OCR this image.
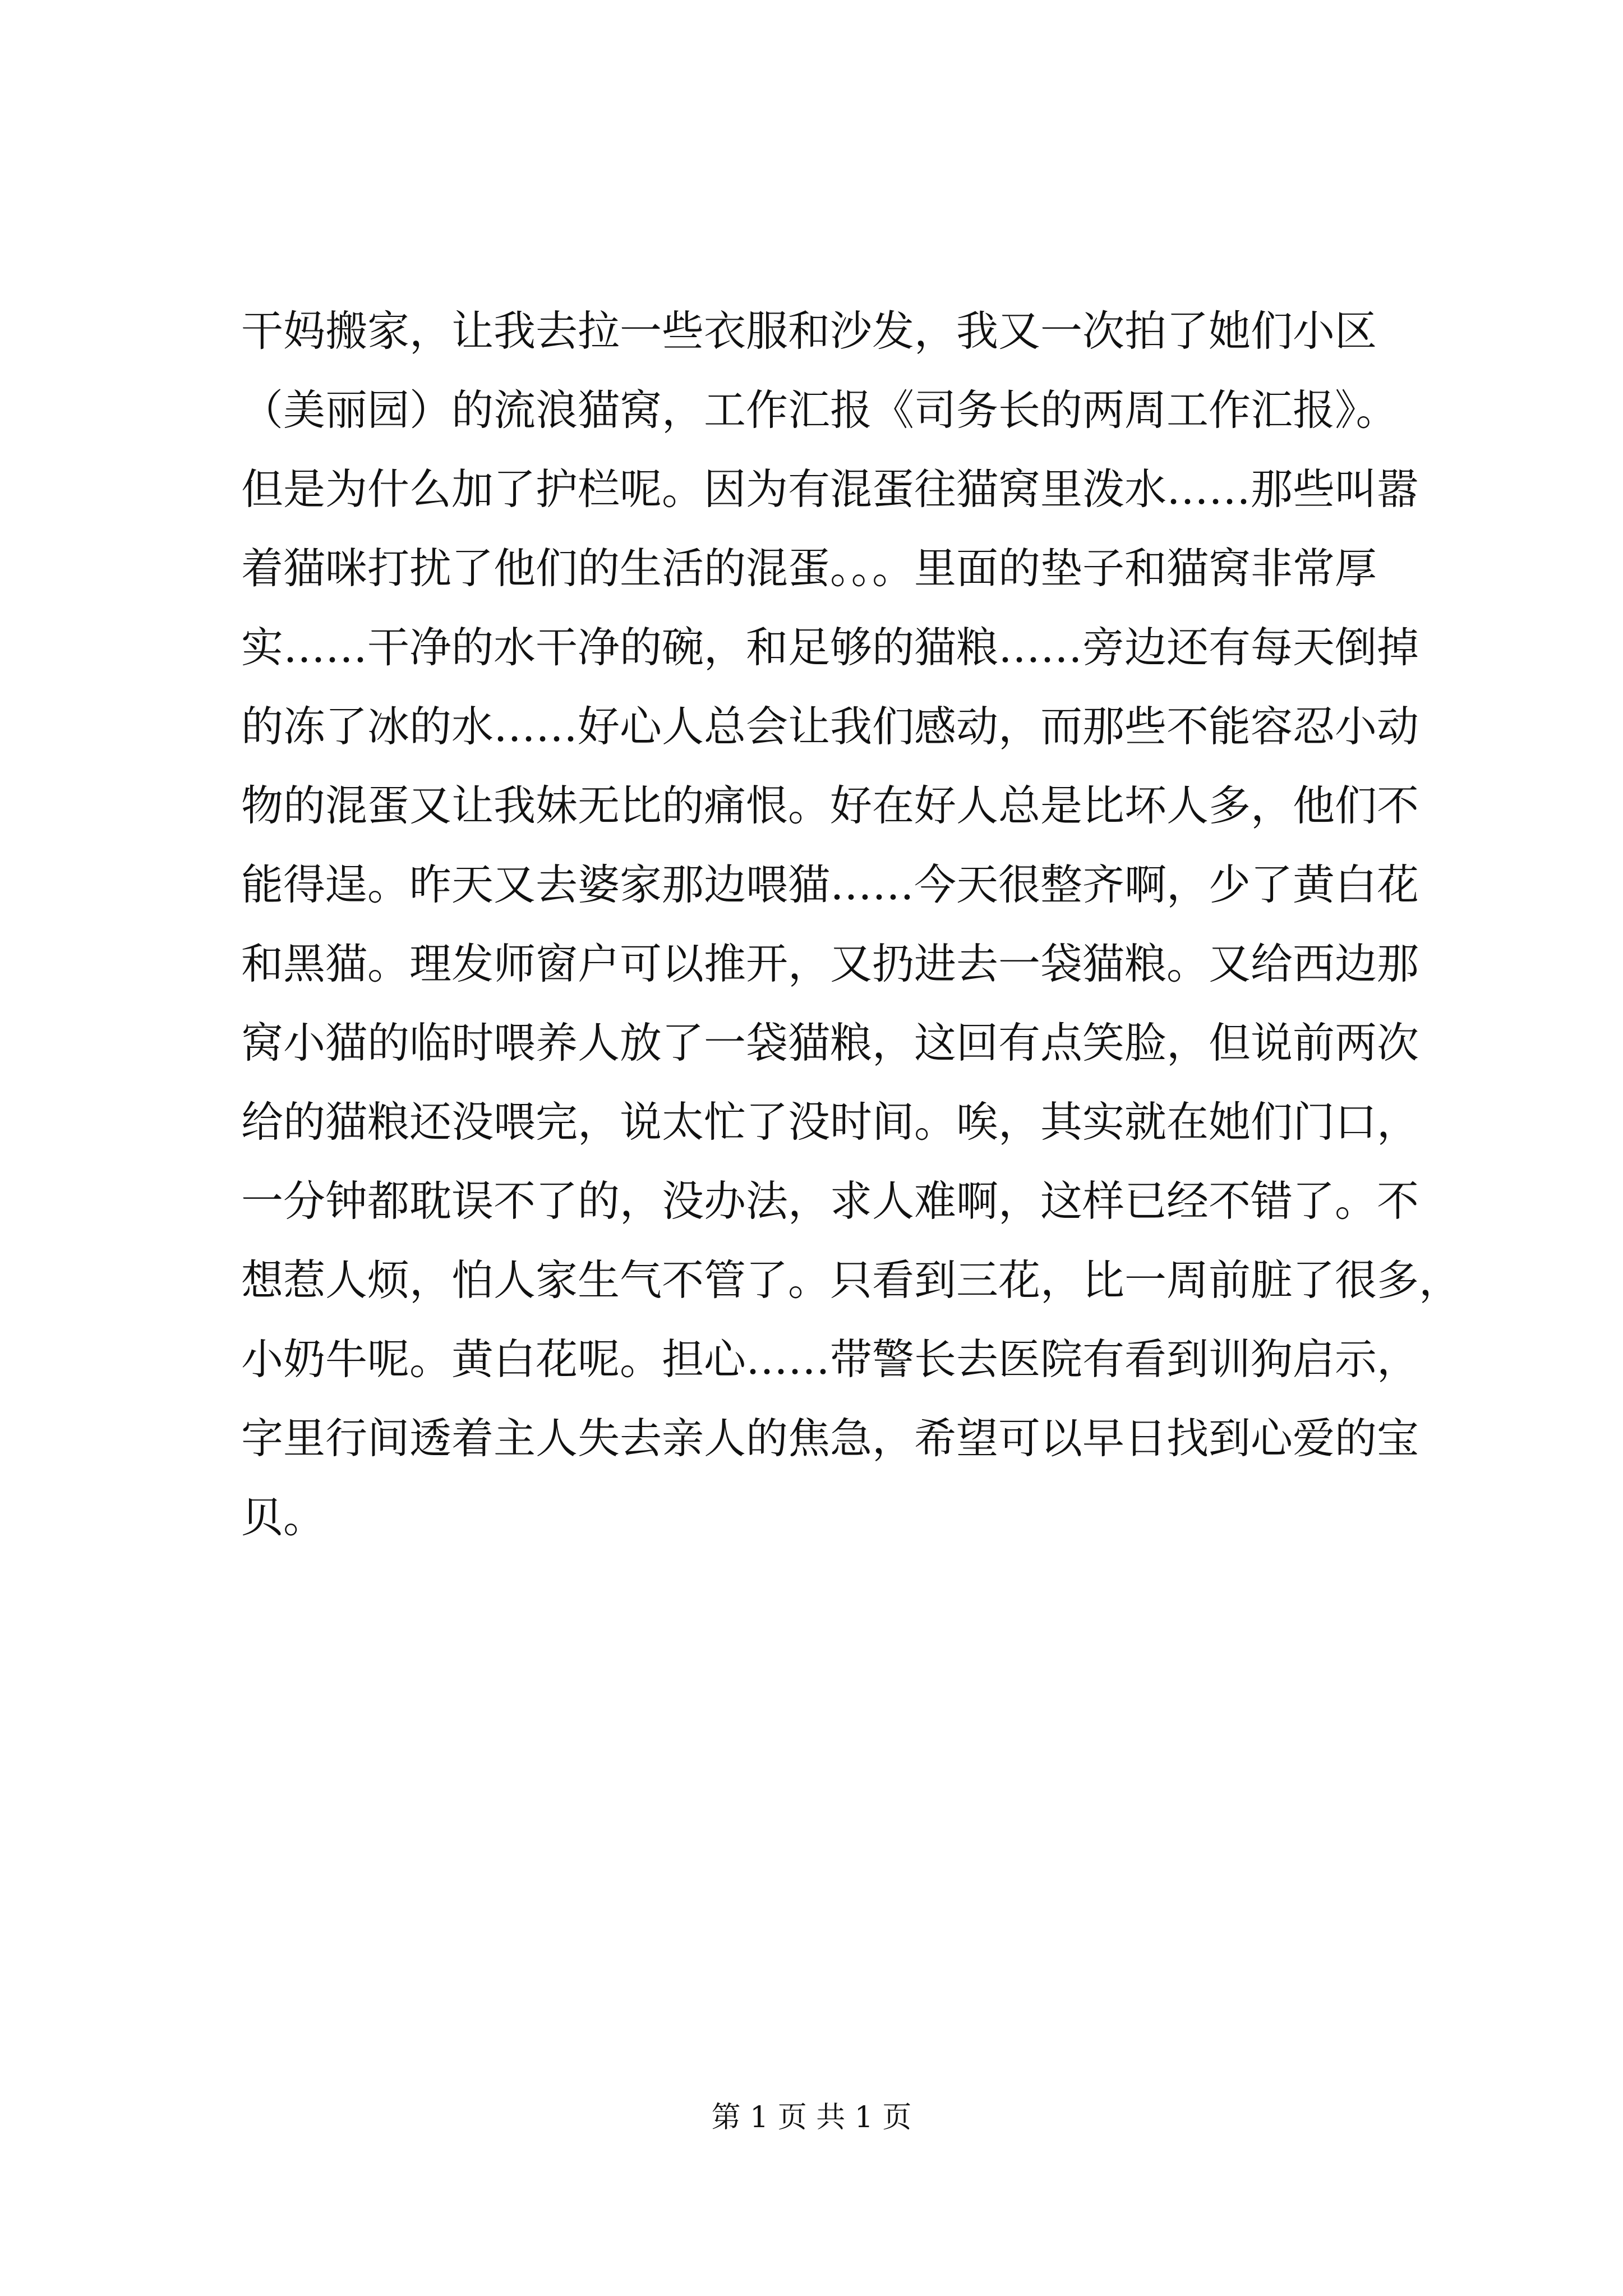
干妈搬家，让我去拉一些衣服和沙发，我又一次拍了她们小区
（美丽园）的流浪猫窝，工作汇报《司务长的两周工作汇报》。
但是为什么加了护栏呢。因为有混蛋往猫窝里泼水……那些叫嚣
着猫咪打扰了他们的生活的混蛋。。。里面的垫子和猫窝非常厚
实……干净的水干净的碗，和足够的猫粮……旁边还有每天倒掉
的冻了冰的水……好心人总会让我们感动，而那些不能容忍小动
物的混蛋又让我妹无比的痛恨。好在好人总是比坏人多，他们不
能得逞。昨天又去婆家那边喂猫……今天很整齐啊，少了黄白花
和黑猫。理发师窗户可以推开，又扔进去一袋猫粮。又给西边那
窝小猫的临时喂养人放了一袋猫粮，这回有点笑脸，但说前两次
给的猫粮还没喂完，说太忙了没时间。唉，其实就在她们门口，
一分钟都耽误不了的，没办法，求人难啊，这样已经不错了。不
想惹人烦，怕人家生气不管了。只看到三花，比一周前脏了很多，
小奶牛呢。黄白花呢。担心……带警长去医院有看到训狗启示，
字里行间透着主人失去亲人的焦急，希望可以早日找到心爱的宝
贝。
第 1 页 共 1 页
